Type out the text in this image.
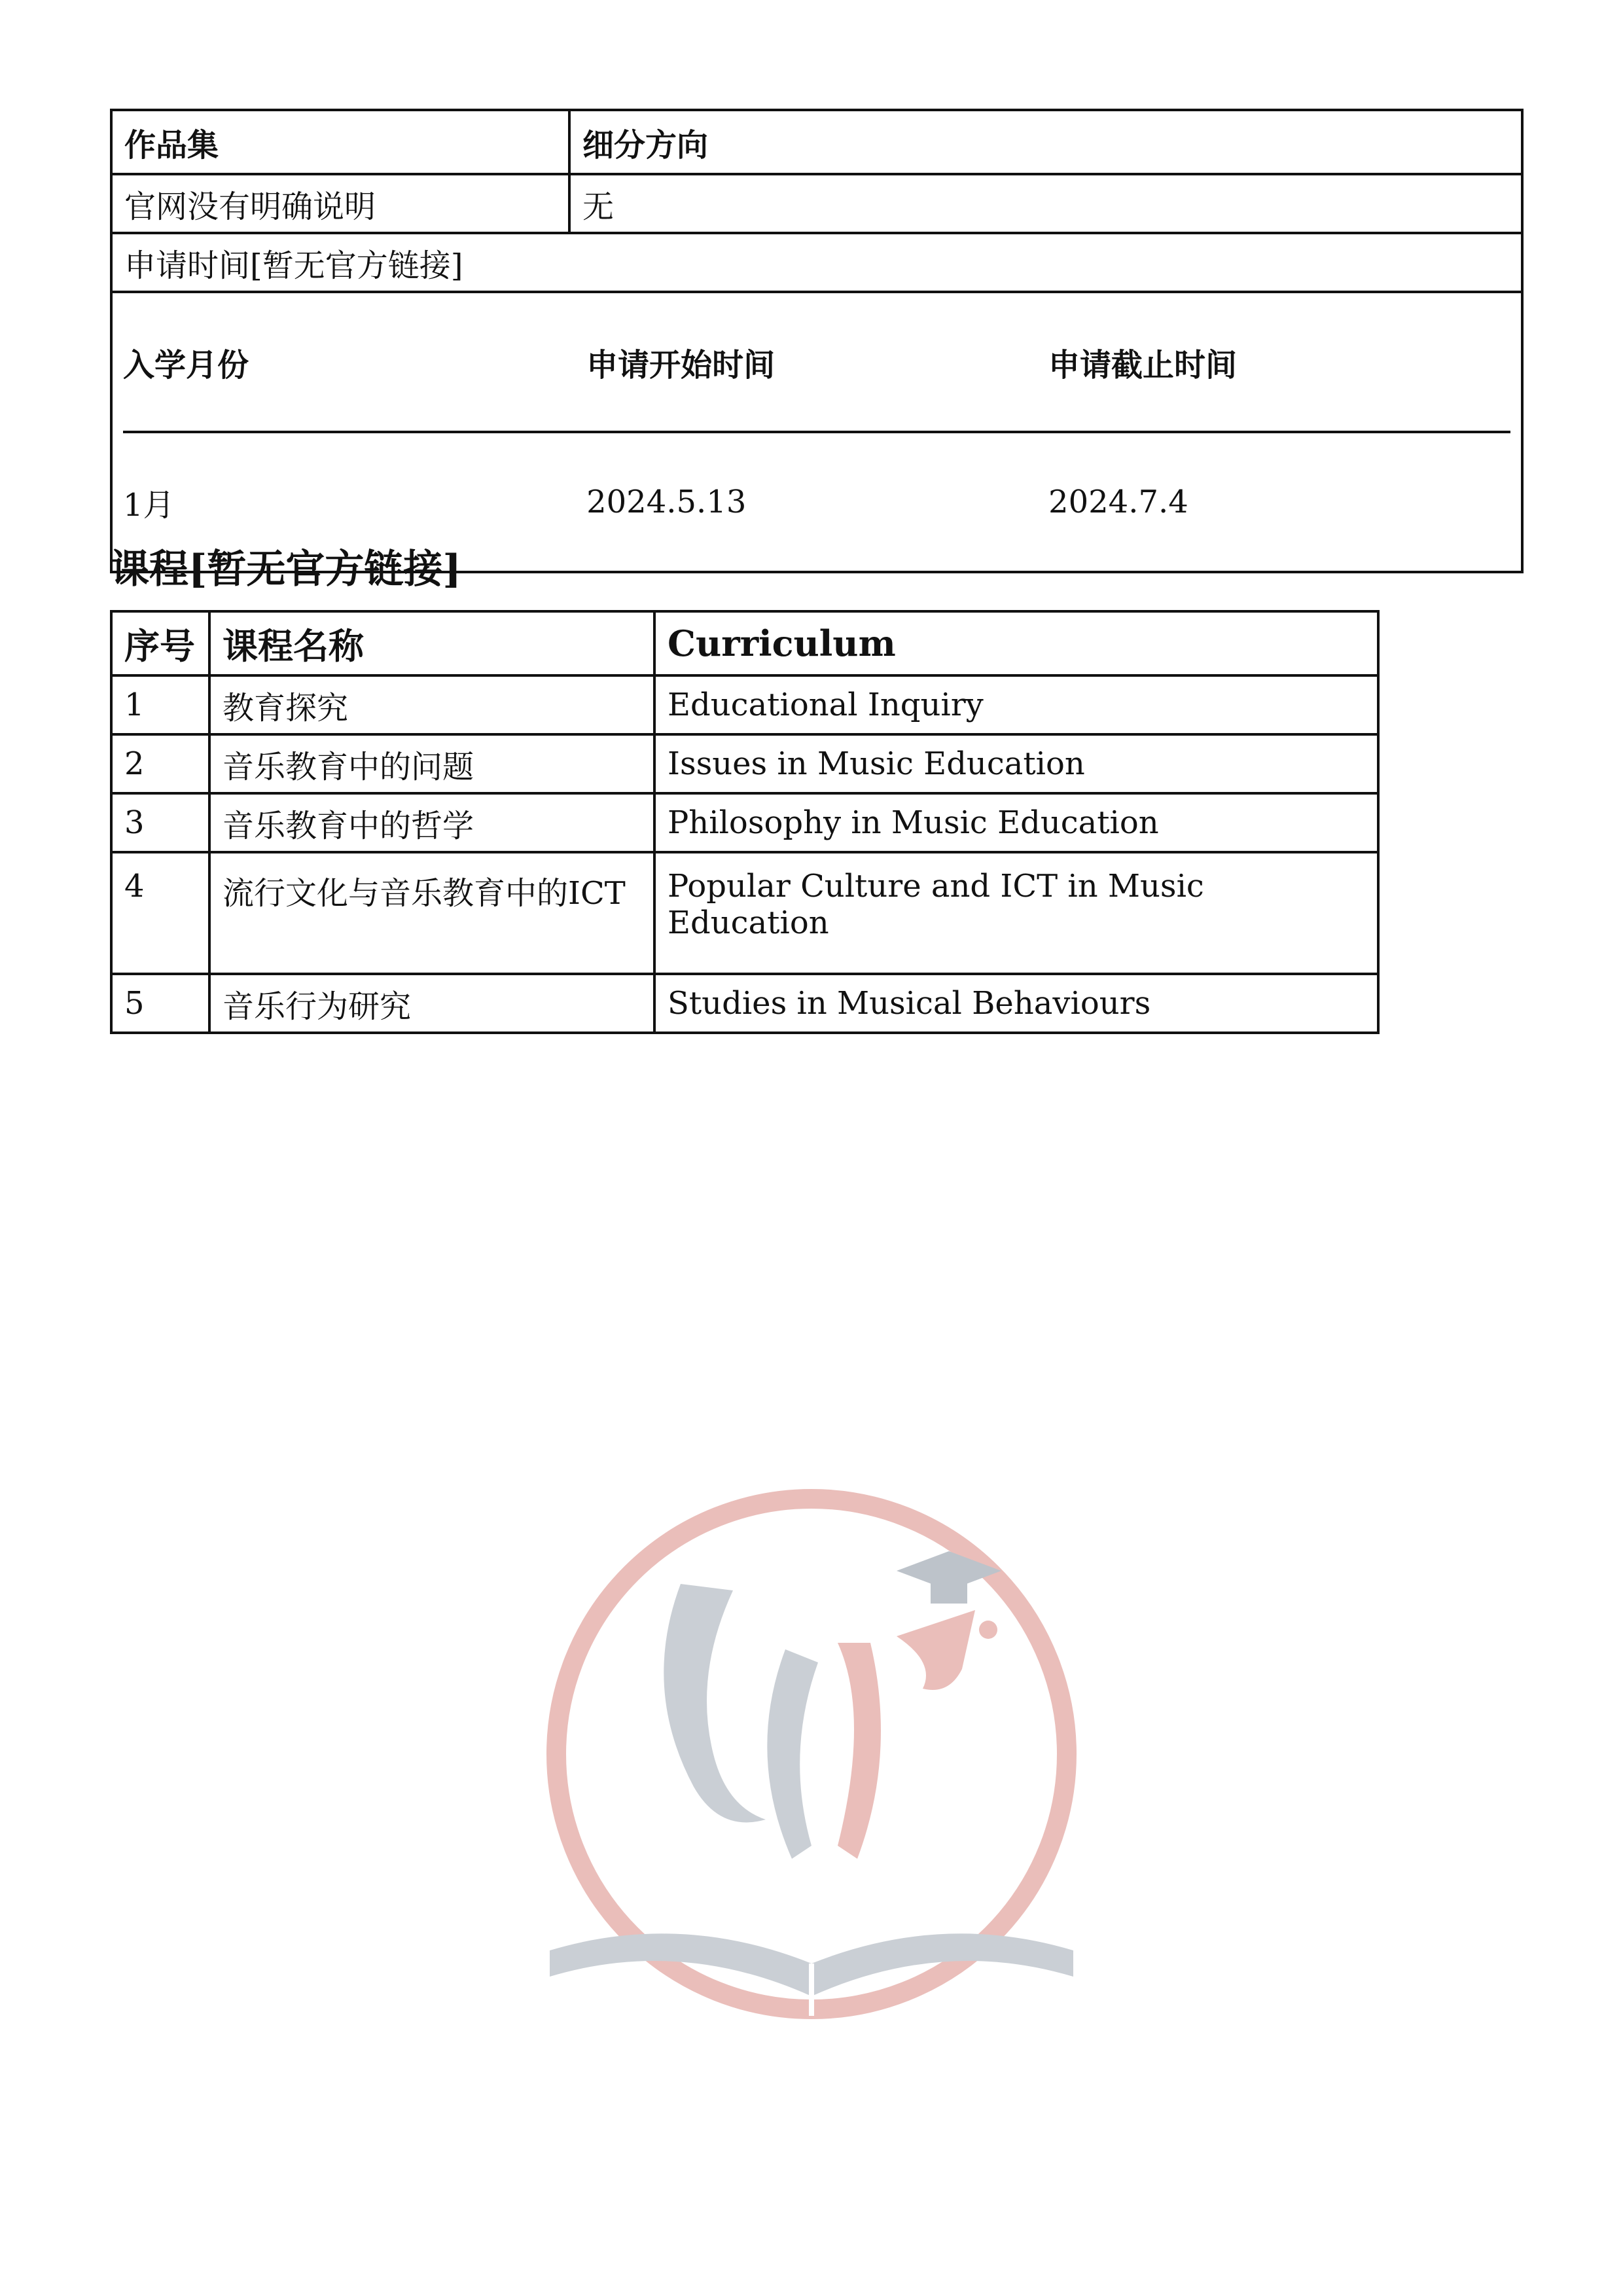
作品集	细分方向
官网没有明确说明	无
申请时间[暂无官方链接]

入学月份	申请开始时间	申请截止时间
1月	2024.5.13	2024.7.4
课程[暂无官方链接]
序号	课程名称	Curriculum
1	教育探究	Educational Inquiry
2	音乐教育中的问题	Issues in Music Education
3	音乐教育中的哲学	Philosophy in Music Education
4	流行文化与音乐教育中的ICT	Popular Culture and ICT in Music Education
5	音乐行为研究	Studies in Musical Behaviours
